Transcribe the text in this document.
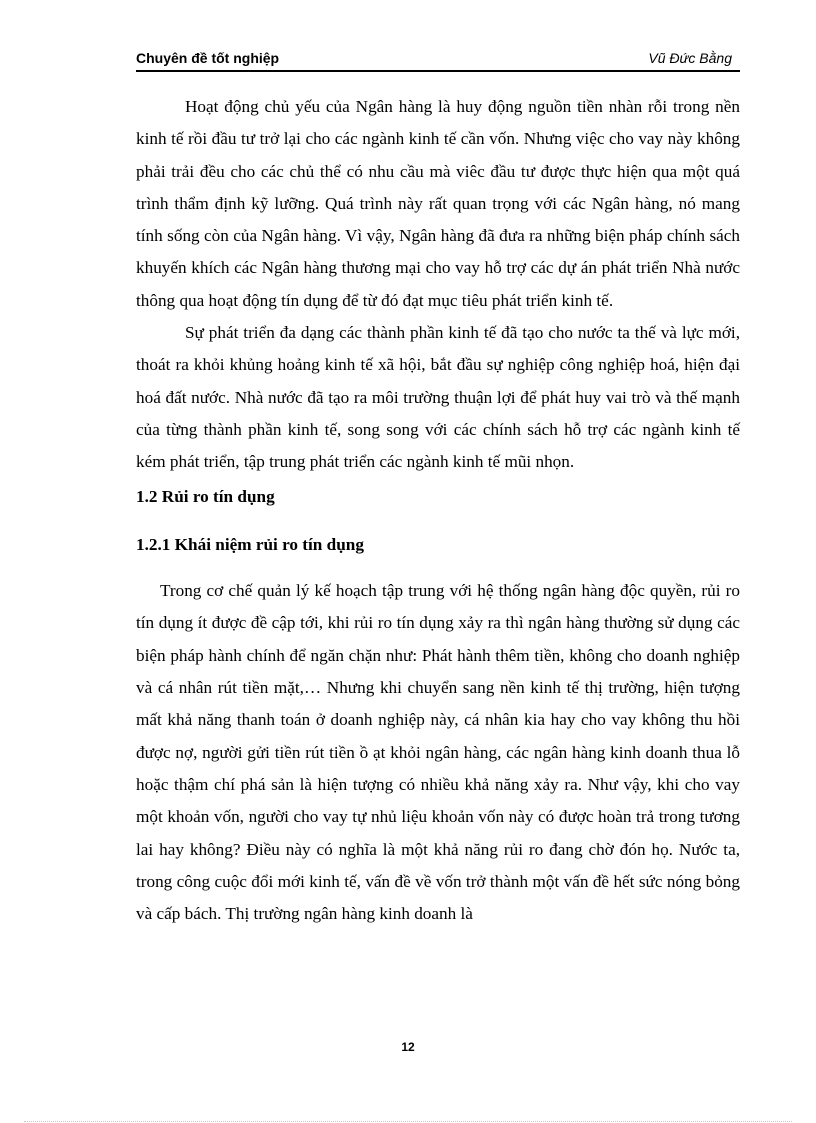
Chuyên đề tốt nghiệp	Vũ Đức Bằng

Hoạt động chủ yếu của Ngân hàng là huy động nguồn tiền nhàn rỗi trong nền kinh tế rồi đầu tư trở lại cho các ngành kinh tế cần vốn. Nhưng việc cho vay này không phải trải đều cho các chủ thể có nhu cầu mà viêc đầu tư được thực hiện qua một quá trình thẩm định kỹ lưỡng. Quá trình này rất quan trọng với các Ngân hàng, nó mang tính sống còn của Ngân hàng. Vì vậy, Ngân hàng đã đưa ra những biện pháp chính sách khuyến khích các Ngân hàng thương mại cho vay hỗ trợ các dự án phát triển Nhà nước thông qua hoạt động tín dụng để từ đó đạt mục tiêu phát triển kinh tế.

Sự phát triển đa dạng các thành phần kinh tế đã tạo cho nước ta thế và lực mới, thoát ra khỏi khủng hoảng kinh tế xã hội, bắt đầu sự nghiệp công nghiệp hoá, hiện đại hoá đất nước. Nhà nước đã tạo ra môi trường thuận lợi để phát huy vai trò và thế mạnh của từng thành phần kinh tế, song song với các chính sách hỗ trợ các ngành kinh tế kém phát triển, tập trung phát triển các ngành kinh tế mũi nhọn.

1.2 Rủi ro tín dụng
1.2.1 Khái niệm rủi ro tín dụng

Trong cơ chế quản lý kế hoạch tập trung với hệ thống ngân hàng độc quyền, rủi ro tín dụng ít được đề cập tới, khi rủi ro tín dụng xảy ra thì ngân hàng thường sử dụng các biện pháp hành chính để ngăn chặn như: Phát hành thêm tiền, không cho doanh nghiệp và cá nhân rút tiền mặt,… Nhưng khi chuyển sang nền kinh tế thị trường, hiện tượng mất khả năng thanh toán ở doanh nghiệp này, cá nhân kia hay cho vay không thu hồi được nợ, người gửi tiền rút tiền ồ ạt khỏi ngân hàng, các ngân hàng kinh doanh thua lỗ hoặc thậm chí phá sản là hiện tượng có nhiều khả năng xảy ra. Như vậy, khi cho vay một khoản vốn, người cho vay tự nhủ liệu khoản vốn này có được hoàn trả trong tương lai hay không? Điều này có nghĩa là một khả năng rủi ro đang chờ đón họ. Nước ta, trong công cuộc đổi mới kinh tế, vấn đề về vốn trở thành một vấn đề hết sức nóng bỏng và cấp bách. Thị trường ngân hàng kinh doanh là

12
